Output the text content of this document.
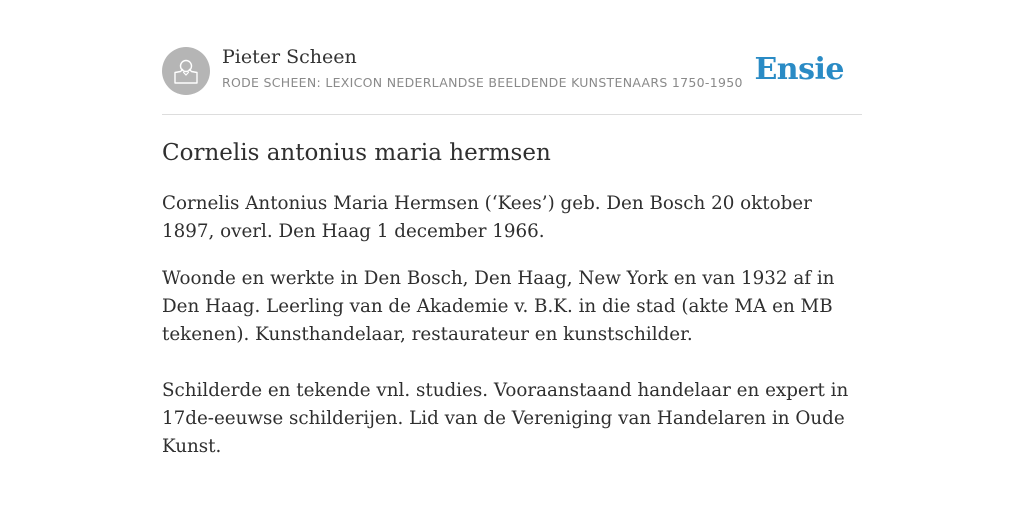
Pieter Scheen
RODE SCHEEN: LEXICON NEDERLANDSE BEELDENDE KUNSTENAARS 1750-1950 Ensie
Cornelis antonius maria hermsen

Cornelis Antonius Maria Hermsen (‘Kees’) geb. Den Bosch 20 oktober 1897, overl. Den Haag 1 december 1966.

Woonde en werkte in Den Bosch, Den Haag, New York en van 1932 af in Den Haag. Leerling van de Akademie v. B.K. in die stad (akte MA en MB tekenen). Kunsthandelaar, restaurateur en kunstschilder.

Schilderde en tekende vnl. studies. Vooraanstaand handelaar en expert in 17de-eeuwse schilderijen. Lid van de Vereniging van Handelaren in Oude Kunst.
